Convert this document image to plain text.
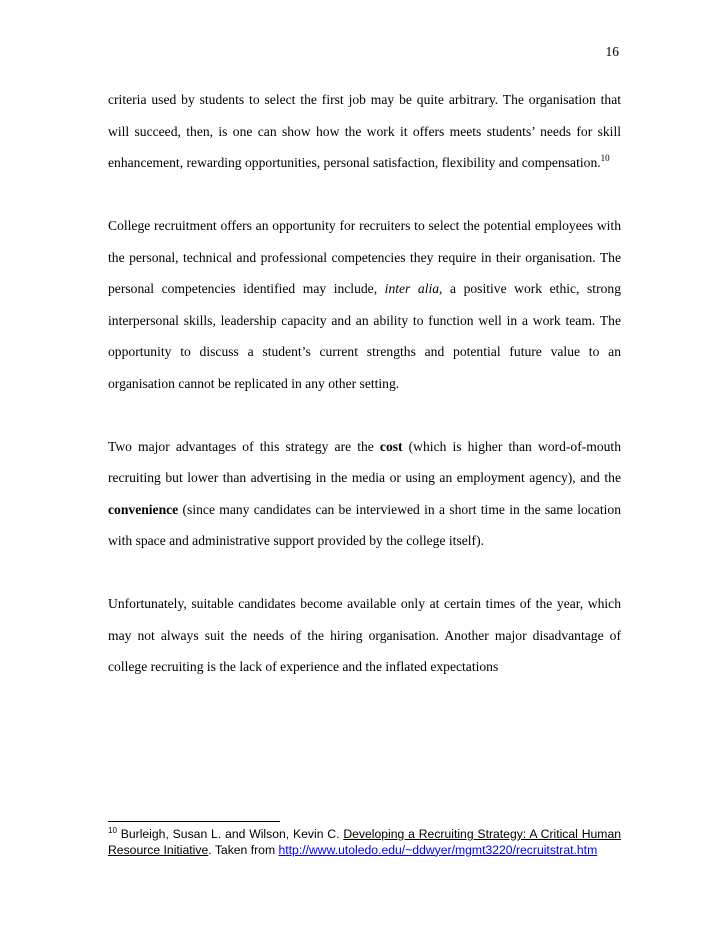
16

criteria used by students to select the first job may be quite arbitrary. The organisation that will succeed, then, is one can show how the work it offers meets students’ needs for skill enhancement, rewarding opportunities, personal satisfaction, flexibility and compensation.$^{10}$

College recruitment offers an opportunity for recruiters to select the potential employees with the personal, technical and professional competencies they require in their organisation. The personal competencies identified may include, inter alia, a positive work ethic, strong interpersonal skills, leadership capacity and an ability to function well in a work team. The opportunity to discuss a student’s current strengths and potential future value to an organisation cannot be replicated in any other setting.

Two major advantages of this strategy are the cost (which is higher than word-of-mouth recruiting but lower than advertising in the media or using an employment agency), and the convenience (since many candidates can be interviewed in a short time in the same location with space and administrative support provided by the college itself).

Unfortunately, suitable candidates become available only at certain times of the year, which may not always suit the needs of the hiring organisation. Another major disadvantage of college recruiting is the lack of experience and the inflated expectations

$^{10}$ Burleigh, Susan L. and Wilson, Kevin C. Developing a Recruiting Strategy: A Critical Human Resource Initiative. Taken from http://www.utoledo.edu/~ddwyer/mgmt3220/recruitstrat.htm
